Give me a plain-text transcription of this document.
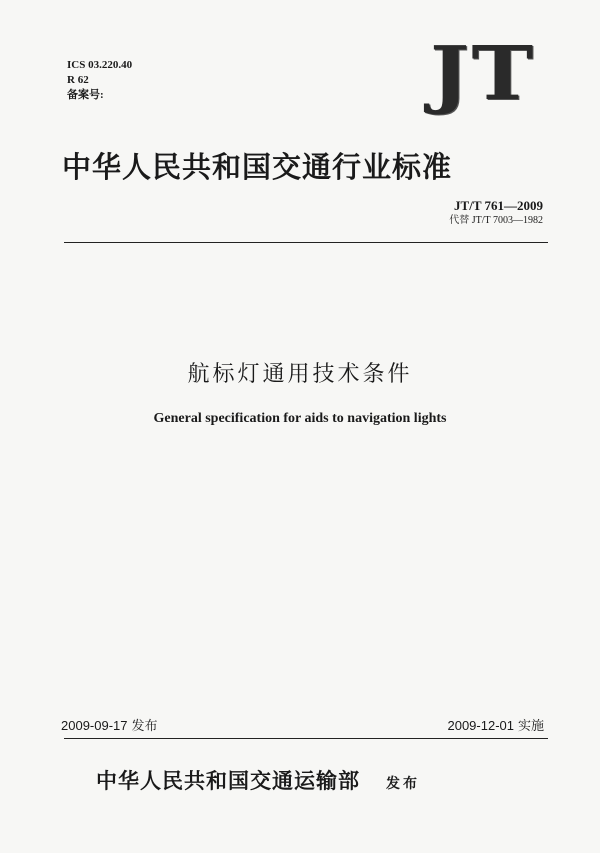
ICS 03.220.40
R 62
备案号:	JT
中华人民共和国交通行业标准
JT/T 761—2009
代替 JT/T 7003—1982
航标灯通用技术条件
General specification for aids to navigation lights
2009-09-17 发布	2009-12-01 实施
中华人民共和国交通运输部 发布
